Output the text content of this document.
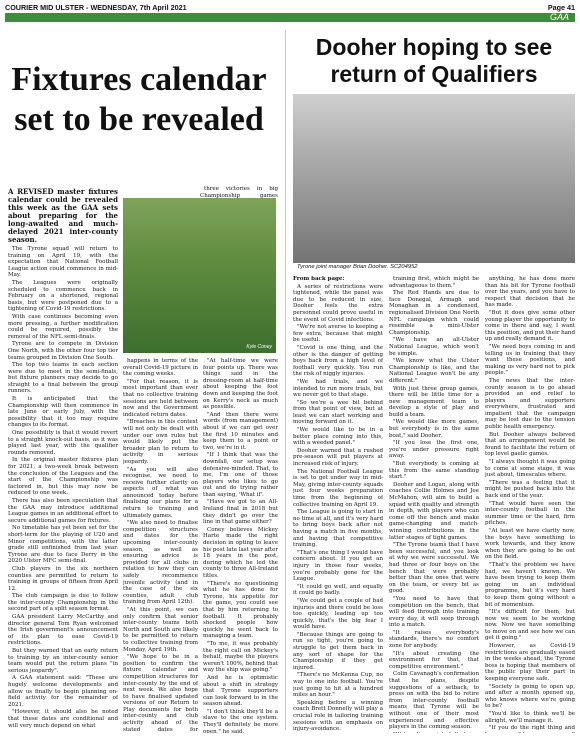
COURIER MID ULSTER - WEDNESDAY, 7th April 2021	Page 41
GAA
Fixtures calendar set to be revealed

A REVISED master fixtures calendar could be revealed this week as the GAA sets about preparing for the long-awaited and much-delayed 2021 inter-county season.

The Tyrone squad will return to training on April 19, with the expectation that National Football League action could commence in mid-May.

The Leagues were originally scheduled to commence back in February on a shortened, regional basis, but were postponed due to a tightening of Covid-19 restrictions.

With case continues becoming even more pressing, a further modification could be required, possibly the removal of the NFL semi-finals.

Tyrone are to compete in Division One North, with the other four top tier teams grouped in Division One South.

The top two teams in each section were due to meet in the semi-finals, but fixture planners may decide to go straight to a final between the group runners.

It is anticipated that the Championship will then commence in late June or early July, with the possibility that it too may require changes to its format.

One possibility is that it would revert to a straight knock-out basis, as it was played last year, with the qualifier rounds removed.

In the original master fixtures plan for 2021, a two-week break between the conclusion of the Leagues and the start of the Championship was factored in, but this may now be reduced to one week.

There has also been speculation that the GAA may introduce additional League games in an additional effort to secure additional games for fixtures.

No timetable has yet been set for the short-term for the playing of U20 and Minor competitions, with the latter grade still unfinished from last year. Tyrone are due to face Derry in the 2020 Ulster MFC semi-final.

Club players in the six northern counties are permitted to return to training in groups of fifteen from April 12.

The club campaign is due to follow the inter-county Championship in the second part of a split season format.

GAA president Larry McCarthy and director general Tom Ryan welcomed the Irish government's announcement of its plan to ease Covid-19 restrictions.

But they warned that an early return to training by an inter-county senior team would put the return plans "in serious jeopardy".

A GAA statement said: "These are hugely welcome developments and allow us finally to begin planning on-field activity for the remainder of 2021.

"However, it should also be noted that these dates are conditional and will very much depend on what

three victories in big Championship games

Kyle Coney

happens in terms of the overall Covid-19 picture in the coming weeks.

"For that reason, it is most important than ever that no collective training sessions are held between now and the Government indicated return dates.

"Breaches in this context will not only be dealt with under our own rules but would likely put the broader plan to return to activity in serious jeopardy.

"As you will also recognise, we need to receive further clarity on aspects of what was announced today before finalising our plans for a return to training and ultimately games.

"We also need to finalise competition structures and dates for the upcoming inter-county season, as well as ensuring advice is provided for all clubs in relation to how they can safely recommence juvenile activity (and in the case of the six counties, adult club training from April 12th).

"At this point, we can only confirm that senior inter-county teams both North and South are likely to be permitted to return to collective training from Monday, April 19th.

"We hope to be in a position to confirm the fixture calendar and competition structures for inter-county by the end of next week. We also hope to have finalised updated versions of our Return to Play documents for both inter-county and club activity ahead of the stated dates for

"At half-time we were four points up. There was things said in the dressing-room at half-time about keeping the foot down and keeping the foot on Kerry's neck as much as possible.

"And then there were words (from management) about if we can get over the first 10 minutes and keep them to a point or two, we're in it.

"If I think that was the downfall, our setup was defensive-minded. That, to me, I'm one of those players who likes to go out and do trying rather than saying, 'What if'.

"Have we got to an All-Ireland final in 2018 but they didn't go over the line in that game either?

Coney believes Mickey Harte made the right decision in opting to leave his post late last year after 18 years in the post, during which he led the county to three All-Ireland titles.

"There's no questioning what he has done for Tyrone, his appetite for the game, you could see that by him returning to football. It probably shocked people how quickly he went back to managing a team.

"To me, it was probably the right call on Mickey's behalf, maybe the players weren't 100%, behind that way the ship was going."

And he is optimistic about a shift in strategy that Tyrone supporters can look forward to in the season ahead.

"I don't think they'll be a slave to the one system. They'll definitely be more open," he said.

Dooher hoping to see return of Qualifiers
Tyrone joint manager Brian Dooher. SC204952

From back page:

A series of restrictions were tightened, while the panel was due to be reduced in size, Dooher feels the extra personnel could prove useful in the event of Covid infections.

"We're not averse to keeping a few extra, because that might be useful.

"Covid is one thing, and the other is the danger of getting boys back from a high level of football very quickly. You run the risk of niggly injuries.

"We had trials, and we intended to run more trials, but we never got to that stage.

"So we're a wee bit behind from that point of view, but at least we can start working and moving forward on it.

"We would like to be in a better place coming into this, with a weeded panel."

Dooher warned that a rushed pre-season will put players at increased risk of injury.

The National Football League is set to get under way in mid-May, giving inter-county squads just four weeks preparation time from the beginning of collective training on April 19.

The League is going to start in no time at all, and it's very hard to bring boys back after not having a match in five months, and having that competitive training.

"That's one thing I would have concern about. If you get an injury in those four weeks, you're probably gone for the League.

"It could go well, and equally it could go badly.

"We could get a couple of bad injuries and there could be loss too quickly, leading up too quickly, that's the big fear I would have.

"Because things are going to run so tight, you're going to struggle to get them back in any sort of shape for the Championship if they get injured.

"There's no McKenna Cup, no way to one into football. You're just going to hit at a hundred miles an hour."

Speaking before a winning coach Brett Donnelly will play a crucial role in tailoring training sessions with an emphasis on injury-avoidance.

training first, which might be advantageous to them."

The Red Hands are due to face Donegal, Armagh and Monaghan in a condensed, regionalised Division One North NFL campaign which could resemble a mini-Ulster Championship.

"We have an all-Ulster National League, which won't be simple.

"We know what the Ulster Championship is like, and the National League won't be any different."

With just three group games, there will be little time for a new management team to develop a style of play and build a team.

"We would like more games, but everybody is in the same boat," said Dooher.

"If you lose the first one, you're under pressure right away.

"But everybody is coming at this from the same standing start."

Dooher and Logan, along with coaches Collie Holmes and Joe McMahon, will aim to build a squad with quality and strength in depth, with players who can come off the bench and make game-changing and match-winning contributions in the latter stages of tight games.

"The Tyrone teams that I have been successful, and you look at why we were successful. We had three or four boys on the bench that were probably better than the ones that were on the team, or every bit as good.

"You need to have that competition on the bench, that will feed through into training every day, it will seep through into a match.

"It raises everybody's standards, there's no comfort zone for anybody.

"It's about creating the environment for that, that competitive environment."

Colin Cavanagh's confirmation that he plans, despite suggestions of a setback, to press on with the bid to retire from inter-county football means that Tyrone will be without one of their most experienced and effective players in the coming season.

anything, he has done more than his bit for Tyrone football over the years, and you have to respect that decision that he has made.

"But it does give some other young player the opportunity to come in there and say, I want this position, and put their hand up and really demand it.

"We need boys coming in and telling us in training that they want these positions, and making us very hard not to pick people."

The news that the inter-county season is to go ahead provided an end relief to players and supporters everywhere, frustrated and impatient that the campaign may be lost due to the tension public health emergency.

But Dooher always believed that an arrangement would be found to facilitate the return of top level gaelic games.

"I always thought it was going to come at some stage, it was just about, timescales where.

"There was a feeling that it might be pushed back into the back end of the year.

"That would have seen the inter-county football in the summer time or the hard, firm pitches.

"At least we have clarity now, the boys have something to work towards, and they know when they are going to be out on the field.

"That's the problem we have had, we haven't known. We have been trying to keep them going on an individual programme, but it's very hard to keep them going without a bit of momentum.

"It's difficult for them, but now we seem to be working now. Now we have something to move on and see how we can get it going."

However, as Covid-19 restrictions are gradually eased in the weeks ahead, the Tyrone boss is hoping that members of the public play their part in keeping everyone safe.

"Society is going to open up, and after a month opened up, who knows where we're going to be?

"You'd like to think we'll be allright, we'll manage it.

"If you do the right thing and
